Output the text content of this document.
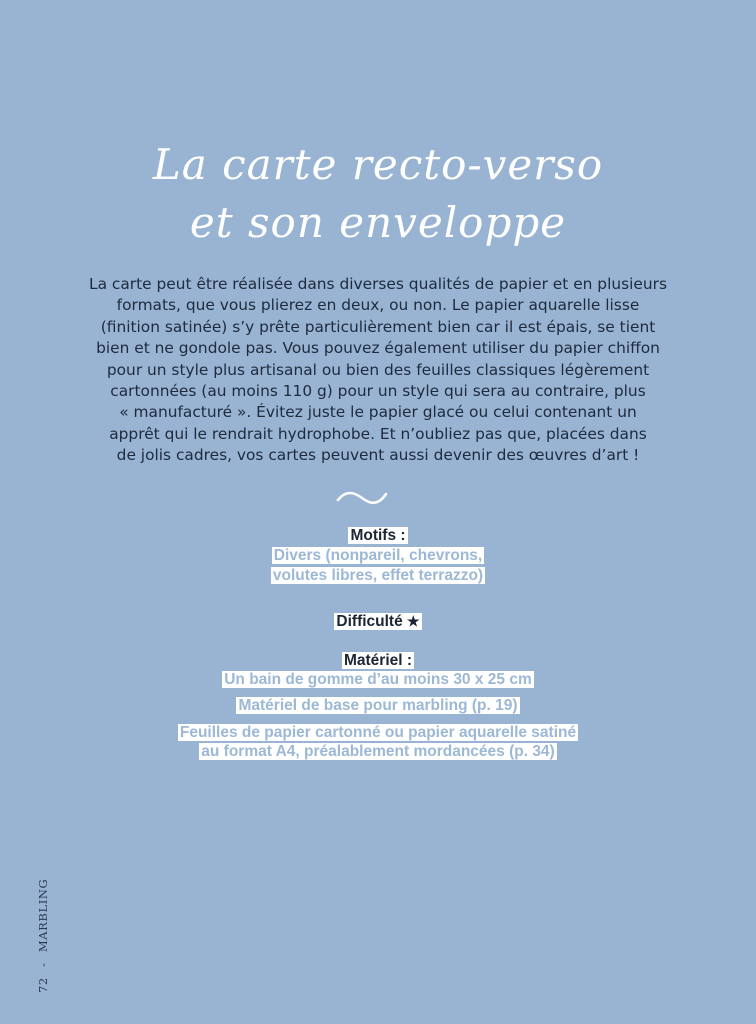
La carte recto-verso
et son enveloppe
La carte peut être réalisée dans diverses qualités de papier et en plusieurs
formats, que vous plierez en deux, ou non. Le papier aquarelle lisse
(finition satinée) s’y prête particulièrement bien car il est épais, se tient
bien et ne gondole pas. Vous pouvez également utiliser du papier chiffon
pour un style plus artisanal ou bien des feuilles classiques légèrement
cartonnées (au moins 110 g) pour un style qui sera au contraire, plus
« manufacturé ». Évitez juste le papier glacé ou celui contenant un
apprêt qui le rendrait hydrophobe. Et n’oubliez pas que, placées dans
de jolis cadres, vos cartes peuvent aussi devenir des œuvres d’art !
Motifs :
Divers (nonpareil, chevrons,
volutes libres, effet terrazzo)
Difficulté ★
Matériel :
Un bain de gomme d’au moins 30 x 25 cm
Matériel de base pour marbling (p. 19)
Feuilles de papier cartonné ou papier aquarelle satiné
au format A4, préalablement mordancées (p. 34)
72 - MARBLING
